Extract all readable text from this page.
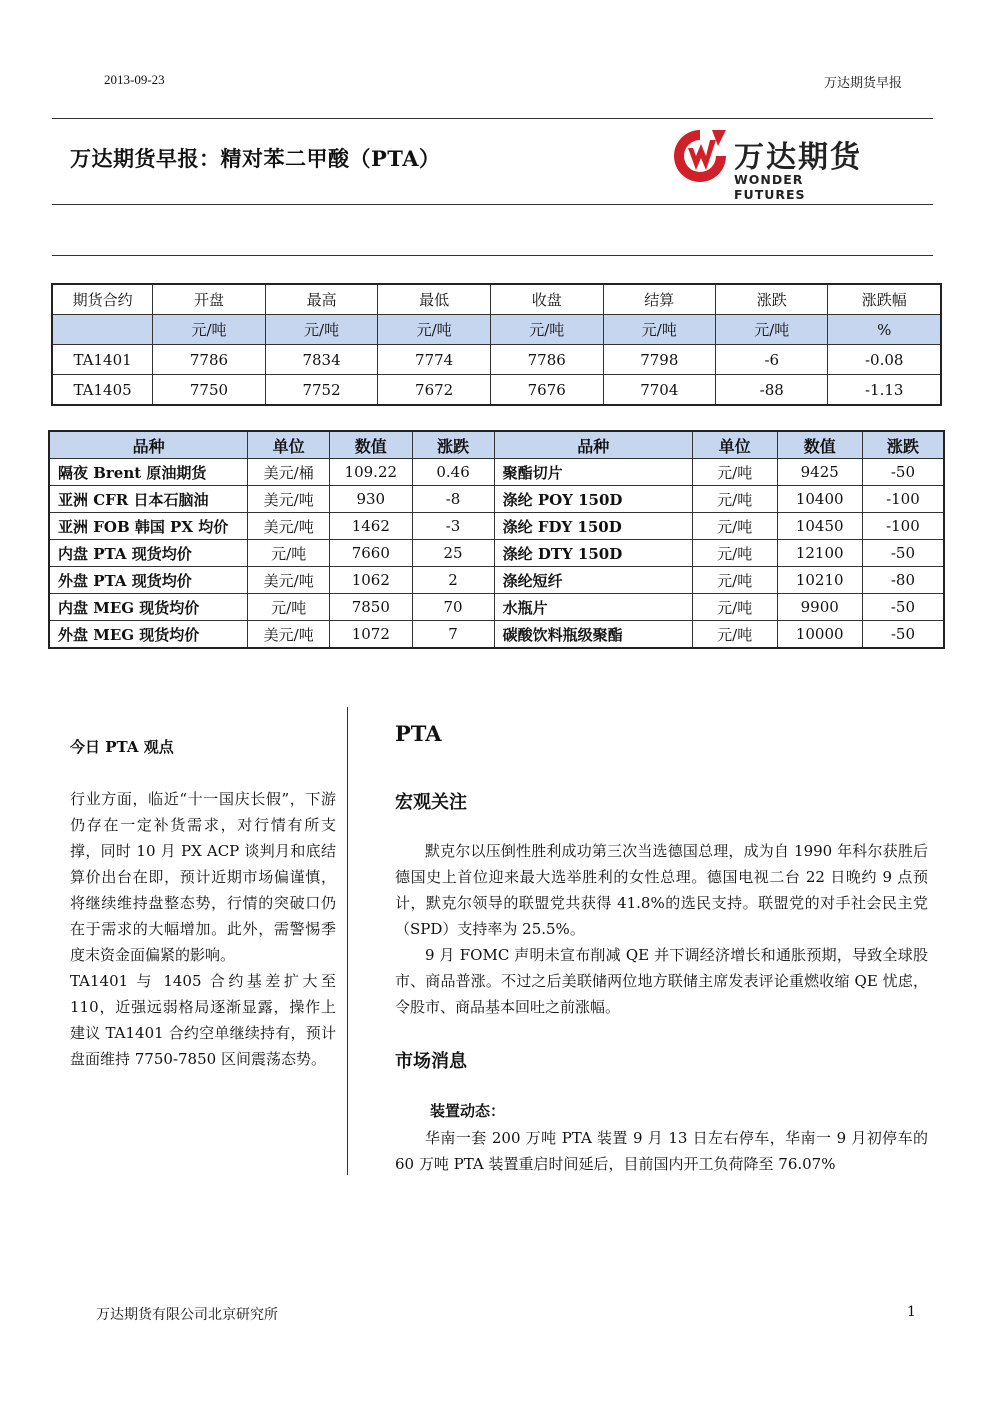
2013-09-23	万达期货早报
万达期货早报：精对苯二甲酸（PTA）	万达期货
WONDER FUTURES
期货合约	开盘	最高	最低	收盘	结算	涨跌	涨跌幅
	元/吨	元/吨	元/吨	元/吨	元/吨	元/吨	%
TA1401	7786	7834	7774	7786	7798	-6	-0.08
TA1405	7750	7752	7672	7676	7704	-88	-1.13
品种	单位	数值	涨跌	品种	单位	数值	涨跌
隔夜 Brent 原油期货	美元/桶	109.22	0.46	聚酯切片	元/吨	9425	-50
亚洲 CFR 日本石脑油	美元/吨	930	-8	涤纶 POY 150D	元/吨	10400	-100
亚洲 FOB 韩国 PX 均价	美元/吨	1462	-3	涤纶 FDY 150D	元/吨	10450	-100
内盘 PTA 现货均价	元/吨	7660	25	涤纶 DTY 150D	元/吨	12100	-50
外盘 PTA 现货均价	美元/吨	1062	2	涤纶短纤	元/吨	10210	-80
内盘 MEG 现货均价	元/吨	7850	70	水瓶片	元/吨	9900	-50
外盘 MEG 现货均价	美元/吨	1072	7	碳酸饮料瓶级聚酯	元/吨	10000	-50
今日 PTA 观点

行业方面，临近“十一国庆长假”，下游仍存在一定补货需求，对行情有所支撑，同时 10 月 PX ACP 谈判月和底结算价出台在即，预计近期市场偏谨慎，将继续维持盘整态势，行情的突破口仍在于需求的大幅增加。此外，需警惕季度末资金面偏紧的影响。

TA1401 与 1405 合约基差扩大至 110，近强远弱格局逐渐显露，操作上建议 TA1401 合约空单继续持有，预计盘面维持 7750-7850 区间震荡态势。

PTA
宏观关注

默克尔以压倒性胜利成功第三次当选德国总理，成为自 1990 年科尔获胜后德国史上首位迎来最大选举胜利的女性总理。德国电视二台 22 日晚约 9 点预计，默克尔领导的联盟党共获得 41.8%的选民支持。联盟党的对手社会民主党（SPD）支持率为 25.5%。

9 月 FOMC 声明未宣布削减 QE 并下调经济增长和通胀预期，导致全球股市、商品普涨。不过之后美联储两位地方联储主席发表评论重燃收缩 QE 忧虑，令股市、商品基本回吐之前涨幅。

市场消息
装置动态：

华南一套 200 万吨 PTA 装置 9 月 13 日左右停车，华南一 9 月初停车的 60 万吨 PTA 装置重启时间延后，目前国内开工负荷降至 76.07%

万达期货有限公司北京研究所	1
